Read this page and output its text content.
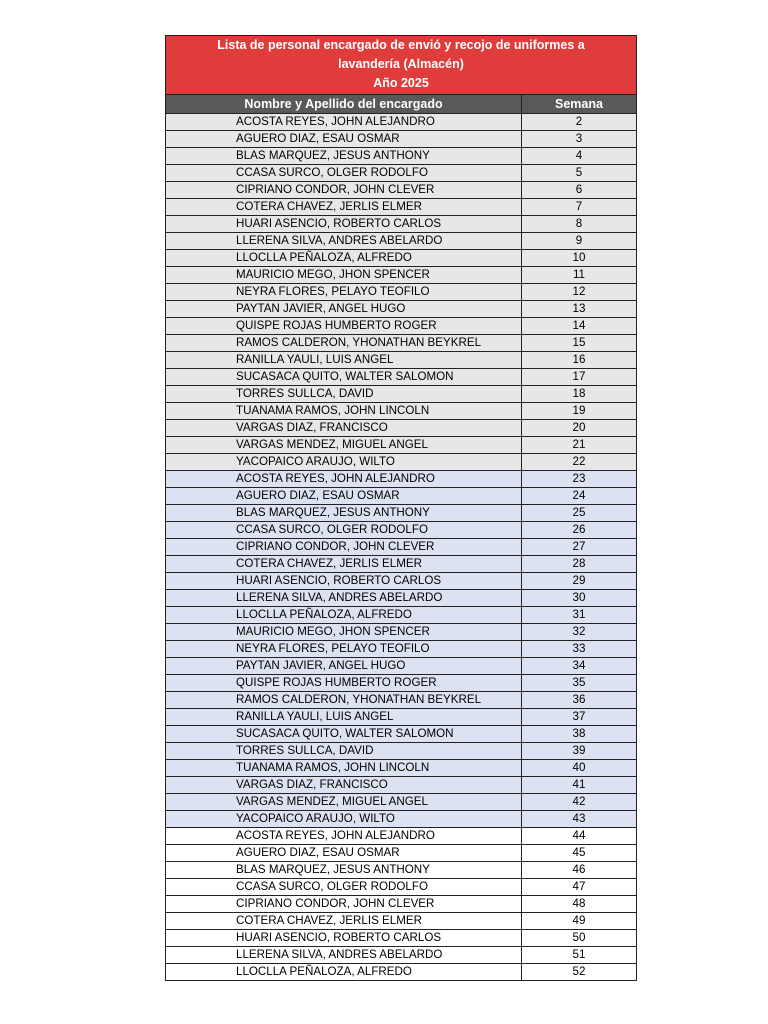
Lista de personal encargado de envió y recojo de uniformes a
lavandería (Almacén)
Año 2025
Nombre y Apellido del encargado	Semana
ACOSTA REYES, JOHN ALEJANDRO	2
AGUERO DIAZ, ESAU OSMAR	3
BLAS MARQUEZ, JESUS ANTHONY	4
CCASA SURCO, OLGER RODOLFO	5
CIPRIANO CONDOR, JOHN CLEVER	6
COTERA CHAVEZ, JERLIS ELMER	7
HUARI ASENCIO, ROBERTO CARLOS	8
LLERENA SILVA, ANDRES ABELARDO	9
LLOCLLA PEÑALOZA, ALFREDO	10
MAURICIO MEGO, JHON SPENCER	11
NEYRA FLORES, PELAYO TEOFILO	12
PAYTAN JAVIER, ANGEL HUGO	13
QUISPE ROJAS HUMBERTO ROGER	14
RAMOS CALDERON, YHONATHAN BEYKREL	15
RANILLA YAULI, LUIS ANGEL	16
SUCASACA QUITO, WALTER SALOMON	17
TORRES SULLCA, DAVID	18
TUANAMA RAMOS, JOHN LINCOLN	19
VARGAS DIAZ, FRANCISCO	20
VARGAS MENDEZ, MIGUEL ANGEL	21
YACOPAICO ARAUJO, WILTO	22
ACOSTA REYES, JOHN ALEJANDRO	23
AGUERO DIAZ, ESAU OSMAR	24
BLAS MARQUEZ, JESUS ANTHONY	25
CCASA SURCO, OLGER RODOLFO	26
CIPRIANO CONDOR, JOHN CLEVER	27
COTERA CHAVEZ, JERLIS ELMER	28
HUARI ASENCIO, ROBERTO CARLOS	29
LLERENA SILVA, ANDRES ABELARDO	30
LLOCLLA PEÑALOZA, ALFREDO	31
MAURICIO MEGO, JHON SPENCER	32
NEYRA FLORES, PELAYO TEOFILO	33
PAYTAN JAVIER, ANGEL HUGO	34
QUISPE ROJAS HUMBERTO ROGER	35
RAMOS CALDERON, YHONATHAN BEYKREL	36
RANILLA YAULI, LUIS ANGEL	37
SUCASACA QUITO, WALTER SALOMON	38
TORRES SULLCA, DAVID	39
TUANAMA RAMOS, JOHN LINCOLN	40
VARGAS DIAZ, FRANCISCO	41
VARGAS MENDEZ, MIGUEL ANGEL	42
YACOPAICO ARAUJO, WILTO	43
ACOSTA REYES, JOHN ALEJANDRO	44
AGUERO DIAZ, ESAU OSMAR	45
BLAS MARQUEZ, JESUS ANTHONY	46
CCASA SURCO, OLGER RODOLFO	47
CIPRIANO CONDOR, JOHN CLEVER	48
COTERA CHAVEZ, JERLIS ELMER	49
HUARI ASENCIO, ROBERTO CARLOS	50
LLERENA SILVA, ANDRES ABELARDO	51
LLOCLLA PEÑALOZA, ALFREDO	52
